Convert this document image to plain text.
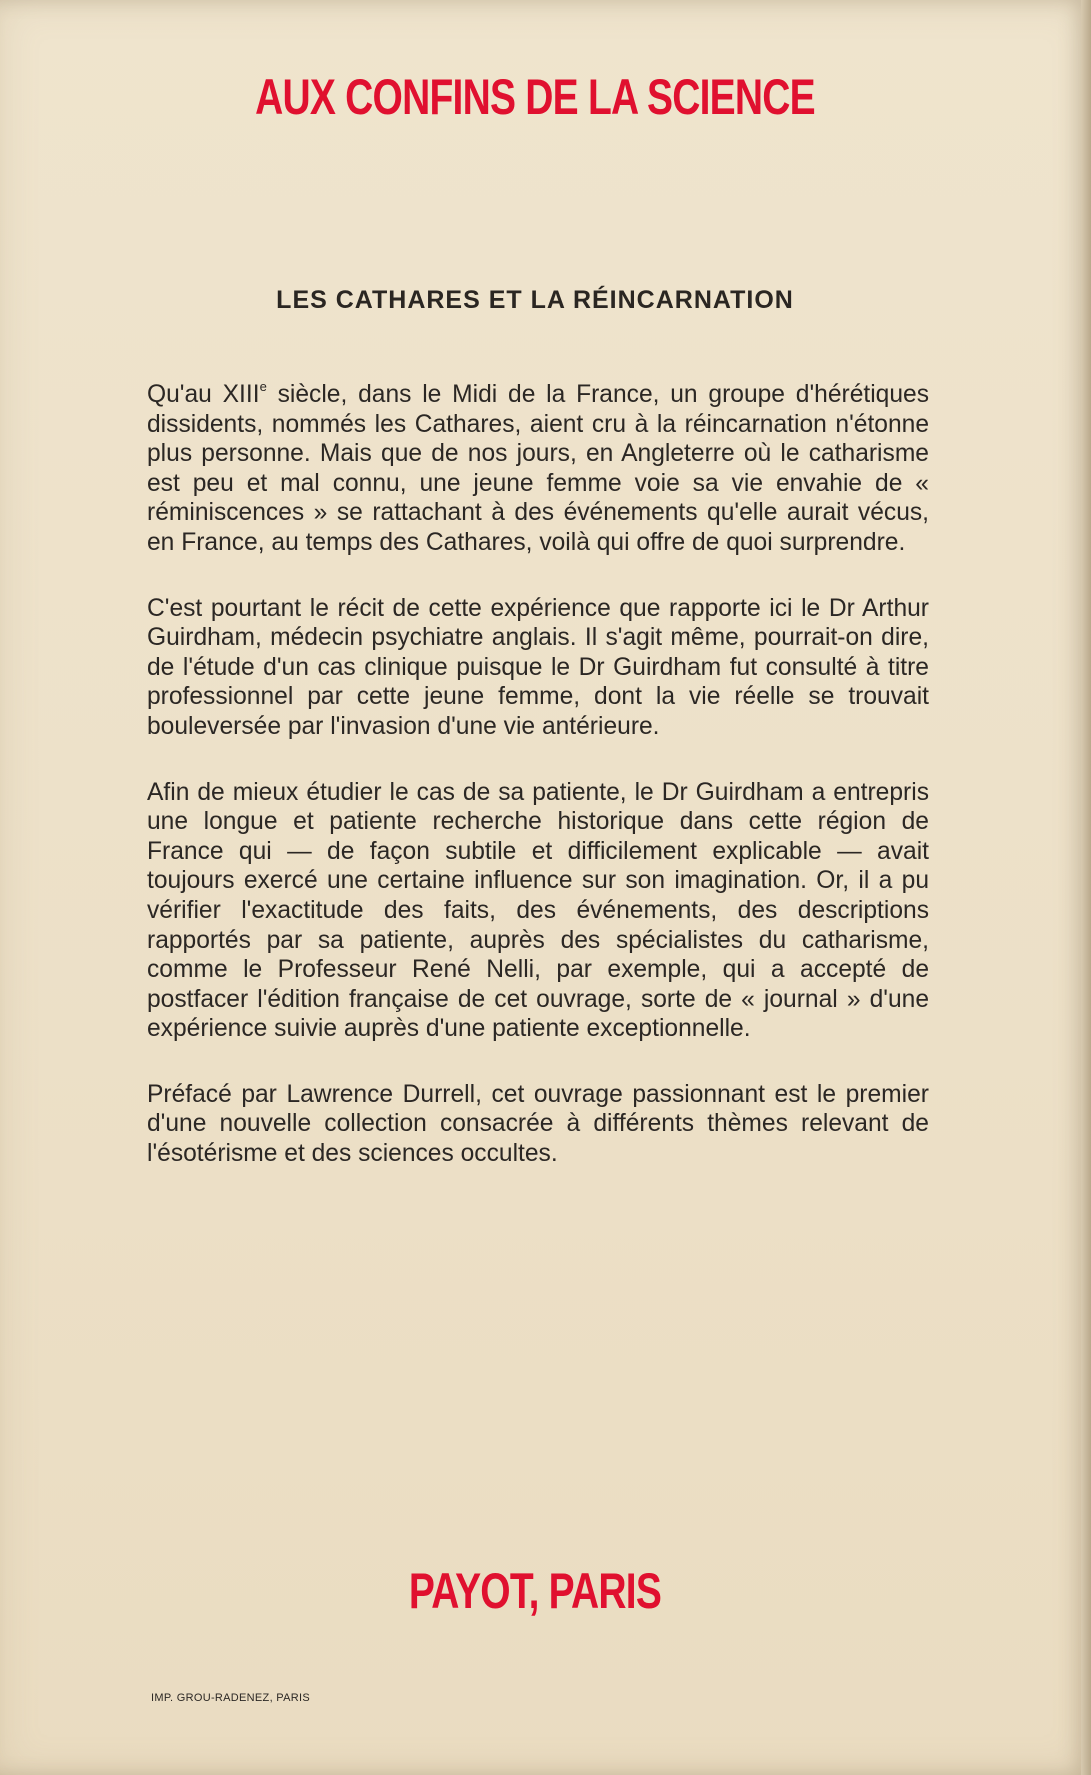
AUX CONFINS DE LA SCIENCE
LES CATHARES ET LA RÉINCARNATION

Qu'au XIIIe siècle, dans le Midi de la France, un groupe d'hérétiques dissidents, nommés les Cathares, aient cru à la réincarnation n'étonne plus personne. Mais que de nos jours, en Angleterre où le catharisme est peu et mal connu, une jeune femme voie sa vie envahie de « réminiscences » se rattachant à des événements qu'elle aurait vécus, en France, au temps des Cathares, voilà qui offre de quoi surprendre.

C'est pourtant le récit de cette expérience que rapporte ici le Dr Arthur Guirdham, médecin psychiatre anglais. Il s'agit même, pourrait-on dire, de l'étude d'un cas clinique puisque le Dr Guirdham fut consulté à titre professionnel par cette jeune femme, dont la vie réelle se trouvait bouleversée par l'invasion d'une vie antérieure.

Afin de mieux étudier le cas de sa patiente, le Dr Guirdham a entrepris une longue et patiente recherche historique dans cette région de France qui — de façon subtile et difficilement explicable — avait toujours exercé une certaine influence sur son imagination. Or, il a pu vérifier l'exactitude des faits, des événements, des descriptions rapportés par sa patiente, auprès des spécialistes du catharisme, comme le Professeur René Nelli, par exemple, qui a accepté de postfacer l'édition française de cet ouvrage, sorte de « journal » d'une expérience suivie auprès d'une patiente exceptionnelle.

Préfacé par Lawrence Durrell, cet ouvrage passionnant est le premier d'une nouvelle collection consacrée à différents thèmes relevant de l'ésotérisme et des sciences occultes.

PAYOT, PARIS
IMP. GROU-RADENEZ, PARIS
